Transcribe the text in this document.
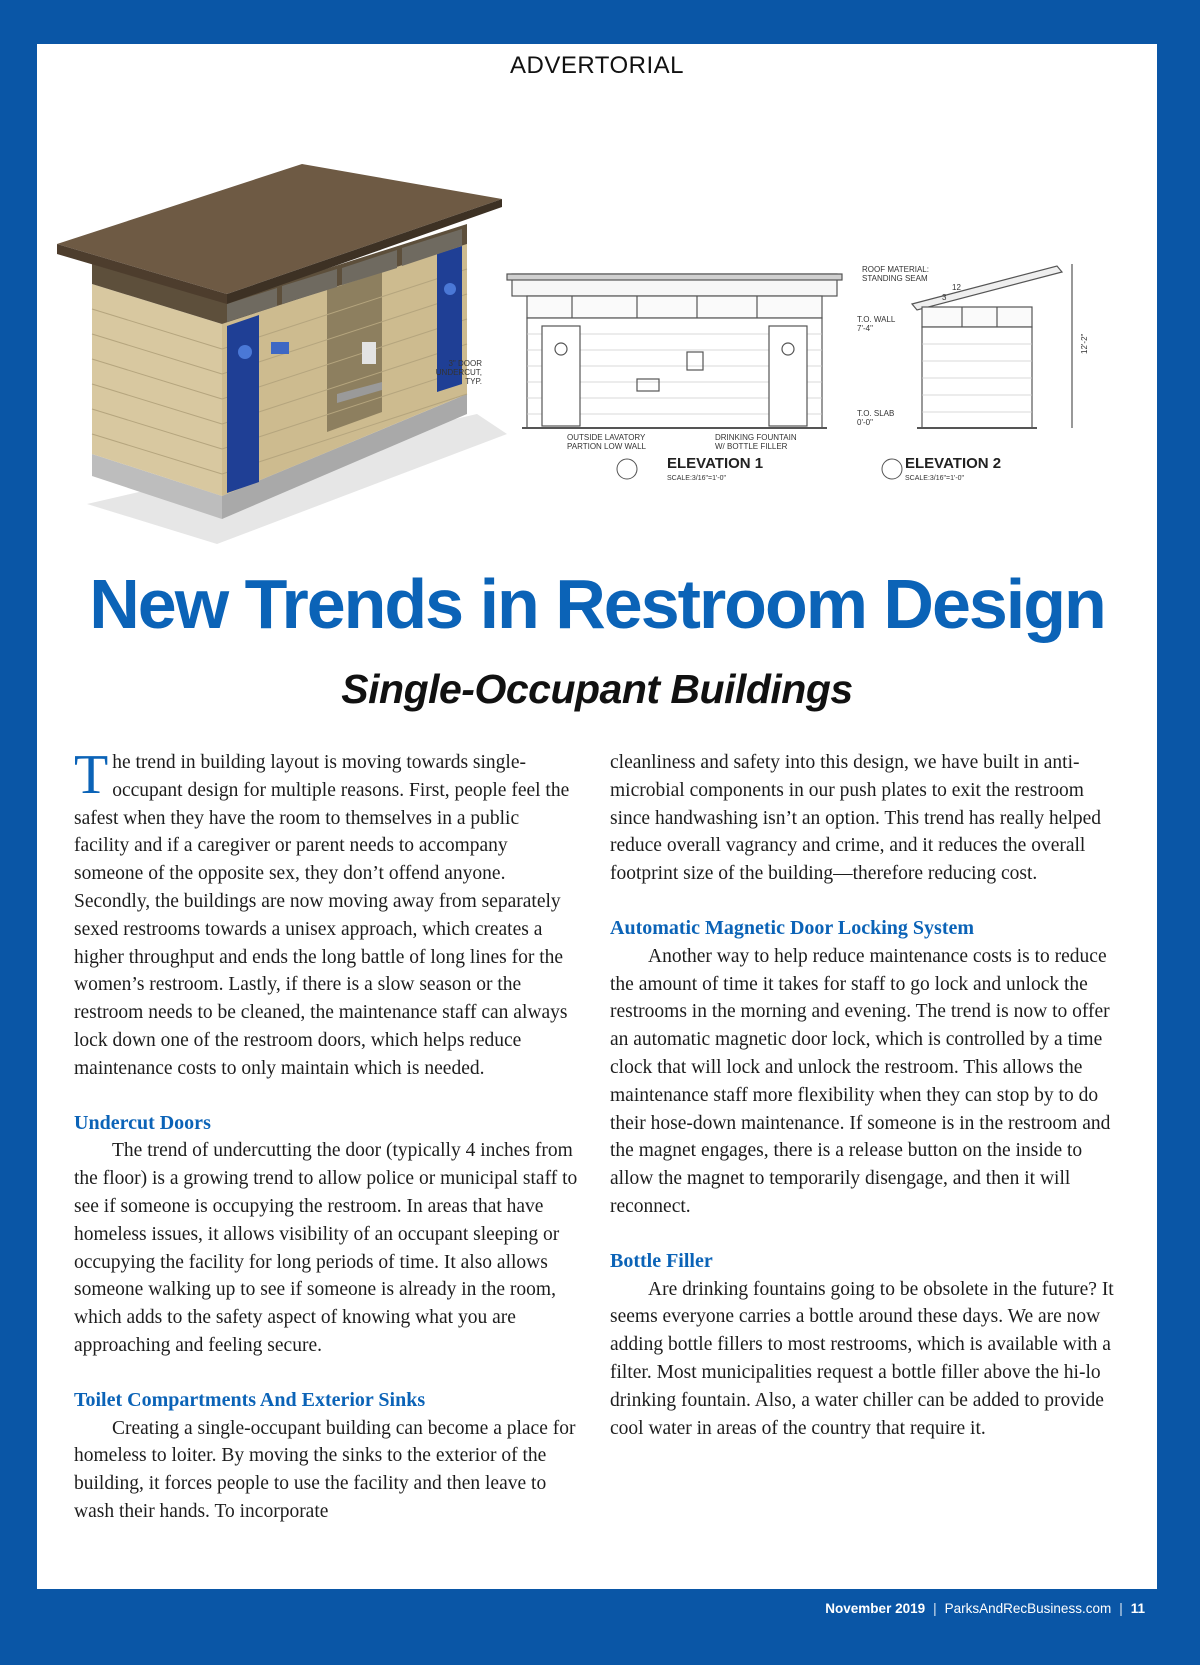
ADVERTORIAL
3" DOOR
UNDERCUT,
TYP.
OUTSIDE LAVATORY
PARTION LOW WALL
DRINKING FOUNTAIN
W/ BOTTLE FILLER
T.O. WALL
7'-4"
T.O. SLAB
0'-0"
ELEVATION 1
SCALE:3/16"=1'-0"
ROOF MATERIAL:
STANDING SEAM
12
3
12'-2"
ELEVATION 2
SCALE:3/16"=1'-0"
New Trends in Restroom Design
Single-Occupant Buildings

The trend in building layout is moving towards single-occupant design for multiple reasons. First, people feel the safest when they have the room to themselves in a public facility and if a caregiver or parent needs to accompany someone of the opposite sex, they don’t offend anyone. Secondly, the buildings are now moving away from separately sexed restrooms towards a unisex approach, which creates a higher throughput and ends the long battle of long lines for the women’s restroom. Lastly, if there is a slow season or the restroom needs to be cleaned, the maintenance staff can always lock down one of the restroom doors, which helps reduce maintenance costs to only maintain which is needed.

Undercut Doors

The trend of undercutting the door (typically 4 inches from the floor) is a growing trend to allow police or municipal staff to see if someone is occupying the restroom. In areas that have homeless issues, it allows visibility of an occupant sleeping or occupying the facility for long periods of time. It also allows someone walking up to see if someone is already in the room, which adds to the safety aspect of knowing what you are approaching and feeling secure.

Toilet Compartments And Exterior Sinks

Creating a single-occupant building can become a place for homeless to loiter. By moving the sinks to the exterior of the building, it forces people to use the facility and then leave to wash their hands. To incorporate

cleanliness and safety into this design, we have built in anti-microbial components in our push plates to exit the restroom since handwashing isn’t an option. This trend has really helped reduce overall vagrancy and crime, and it reduces the overall footprint size of the building—therefore reducing cost.

Automatic Magnetic Door Locking System

Another way to help reduce maintenance costs is to reduce the amount of time it takes for staff to go lock and unlock the restrooms in the morning and evening. The trend is now to offer an automatic magnetic door lock, which is controlled by a time clock that will lock and unlock the restroom. This allows the maintenance staff more flexibility when they can stop by to do their hose-down maintenance. If someone is in the restroom and the magnet engages, there is a release button on the inside to allow the magnet to temporarily disengage, and then it will reconnect.

Bottle Filler

Are drinking fountains going to be obsolete in the future? It seems everyone carries a bottle around these days. We are now adding bottle fillers to most restrooms, which is available with a filter. Most municipalities request a bottle filler above the hi-lo drinking fountain. Also, a water chiller can be added to provide cool water in areas of the country that require it.

November 2019 | ParksAndRecBusiness.com | 11
